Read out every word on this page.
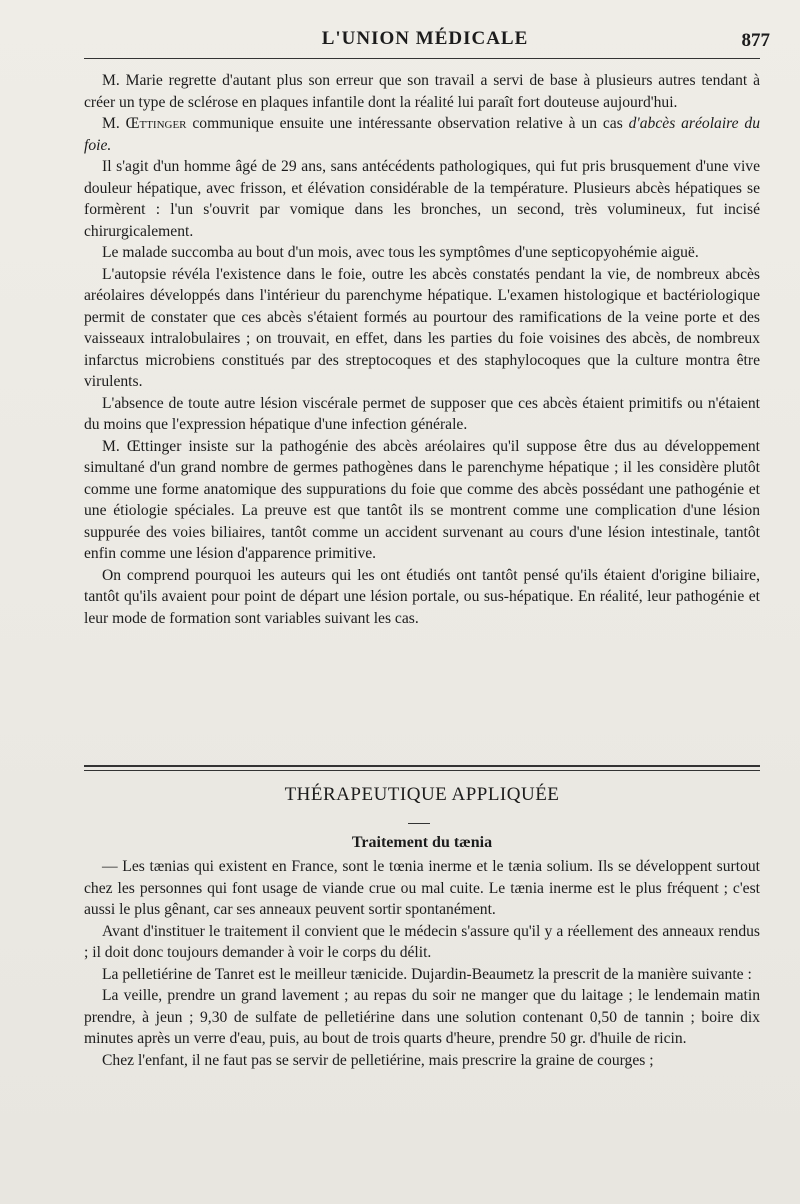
L'UNION MÉDICALE	877

M. Marie regrette d'autant plus son erreur que son travail a servi de base à plusieurs autres tendant à créer un type de sclérose en plaques infantile dont la réalité lui paraît fort douteuse aujourd'hui.

M. Œttinger communique ensuite une intéressante observation relative à un cas d'abcès aréolaire du foie.

Il s'agit d'un homme âgé de 29 ans, sans antécédents pathologiques, qui fut pris brusquement d'une vive douleur hépatique, avec frisson, et élévation considérable de la température. Plusieurs abcès hépatiques se formèrent : l'un s'ouvrit par vomique dans les bronches, un second, très volumineux, fut incisé chirurgicalement.

Le malade succomba au bout d'un mois, avec tous les symptômes d'une septicopyohémie aiguë.

L'autopsie révéla l'existence dans le foie, outre les abcès constatés pendant la vie, de nombreux abcès aréolaires développés dans l'intérieur du parenchyme hépatique. L'examen histologique et bactériologique permit de constater que ces abcès s'étaient formés au pourtour des ramifications de la veine porte et des vaisseaux intralobulaires ; on trouvait, en effet, dans les parties du foie voisines des abcès, de nombreux infarctus microbiens constitués par des streptocoques et des staphylocoques que la culture montra être virulents.

L'absence de toute autre lésion viscérale permet de supposer que ces abcès étaient primitifs ou n'étaient du moins que l'expression hépatique d'une infection générale.

M. Œttinger insiste sur la pathogénie des abcès aréolaires qu'il suppose être dus au développement simultané d'un grand nombre de germes pathogènes dans le parenchyme hépatique ; il les considère plutôt comme une forme anatomique des suppurations du foie que comme des abcès possédant une pathogénie et une étiologie spéciales. La preuve est que tantôt ils se montrent comme une complication d'une lésion suppurée des voies biliaires, tantôt comme un accident survenant au cours d'une lésion intestinale, tantôt enfin comme une lésion d'apparence primitive.

On comprend pourquoi les auteurs qui les ont étudiés ont tantôt pensé qu'ils étaient d'origine biliaire, tantôt qu'ils avaient pour point de départ une lésion portale, ou sus-hépatique. En réalité, leur pathogénie et leur mode de formation sont variables suivant les cas.

THÉRAPEUTIQUE APPLIQUÉE
Traitement du tænia

— Les tænias qui existent en France, sont le tœnia inerme et le tænia solium. Ils se développent surtout chez les personnes qui font usage de viande crue ou mal cuite. Le tænia inerme est le plus fréquent ; c'est aussi le plus gênant, car ses anneaux peuvent sortir spontanément.

Avant d'instituer le traitement il convient que le médecin s'assure qu'il y a réellement des anneaux rendus ; il doit donc toujours demander à voir le corps du délit.

La pelletiérine de Tanret est le meilleur tænicide. Dujardin-Beaumetz la prescrit de la manière suivante :

La veille, prendre un grand lavement ; au repas du soir ne manger que du laitage ; le lendemain matin prendre, à jeun ; 9,30 de sulfate de pelletiérine dans une solution contenant 0,50 de tannin ; boire dix minutes après un verre d'eau, puis, au bout de trois quarts d'heure, prendre 50 gr. d'huile de ricin.

Chez l'enfant, il ne faut pas se servir de pelletiérine, mais prescrire la graine de courges ;
